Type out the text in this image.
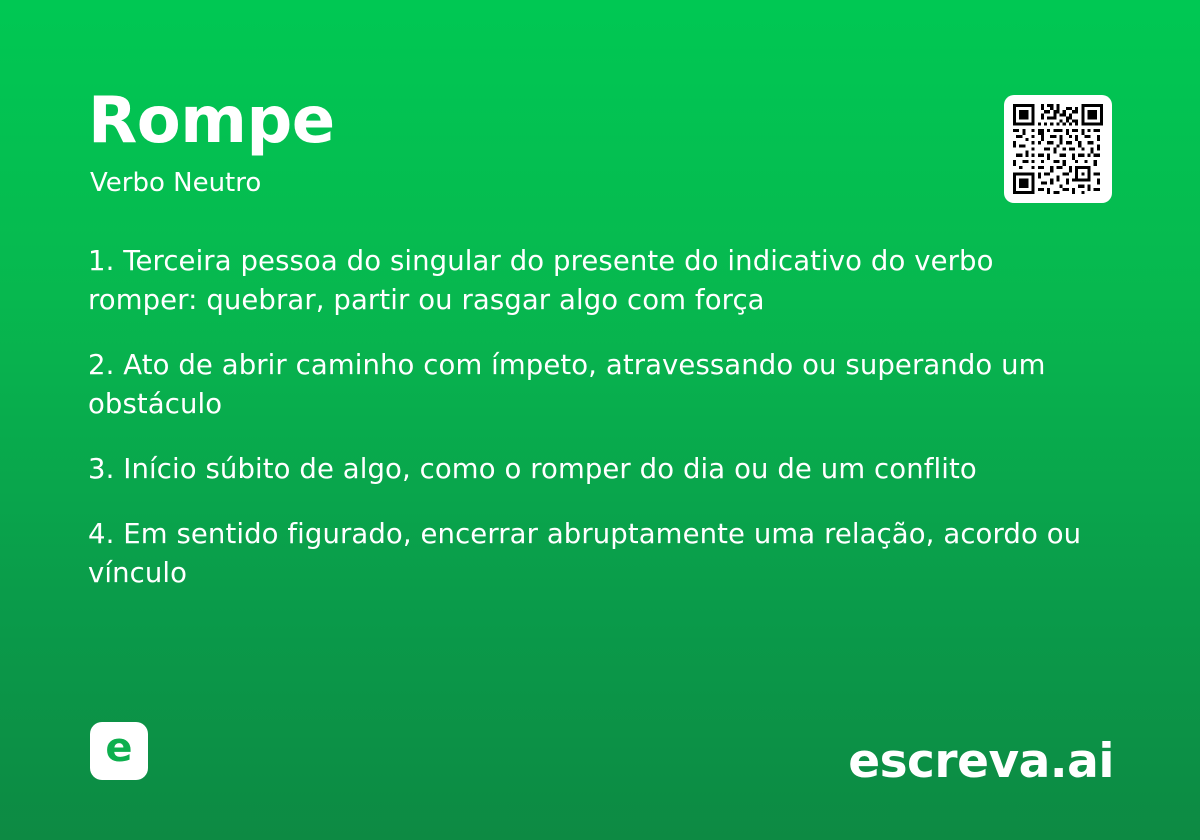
Rompe

Verbo Neutro

1. Terceira pessoa do singular do presente do indicativo do verbo romper: quebrar, partir ou rasgar algo com força
2. Ato de abrir caminho com ímpeto, atravessando ou superando um obstáculo
3. Início súbito de algo, como o romper do dia ou de um conflito
4. Em sentido figurado, encerrar abruptamente uma relação, acordo ou vínculo
e	escreva.ai
